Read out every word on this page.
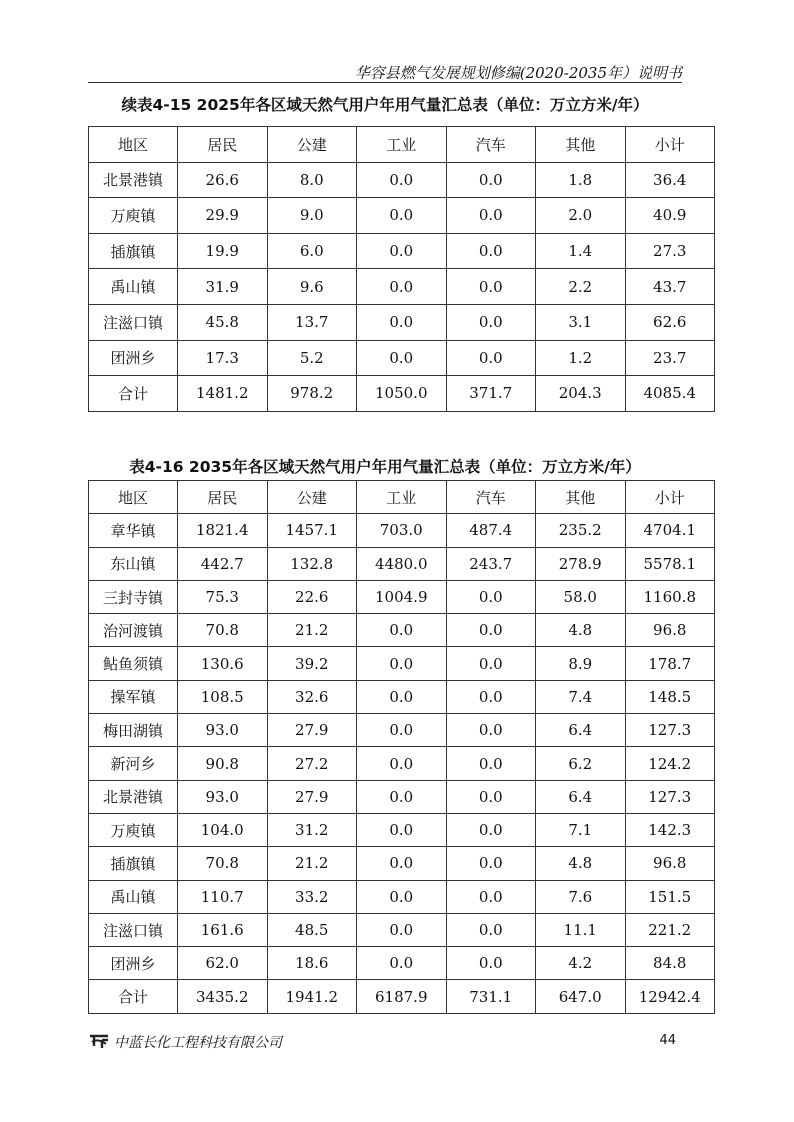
华容县燃气发展规划修编(2020-2035年）说明书
续表4-15 2025年各区域天然气用户年用气量汇总表（单位：万立方米/年）
地区	居民	公建	工业	汽车	其他	小计
北景港镇	26.6	8.0	0.0	0.0	1.8	36.4
万庾镇	29.9	9.0	0.0	0.0	2.0	40.9
插旗镇	19.9	6.0	0.0	0.0	1.4	27.3
禹山镇	31.9	9.6	0.0	0.0	2.2	43.7
注滋口镇	45.8	13.7	0.0	0.0	3.1	62.6
团洲乡	17.3	5.2	0.0	0.0	1.2	23.7
合计	1481.2	978.2	1050.0	371.7	204.3	4085.4
表4-16 2035年各区域天然气用户年用气量汇总表（单位：万立方米/年）
地区	居民	公建	工业	汽车	其他	小计
章华镇	1821.4	1457.1	703.0	487.4	235.2	4704.1
东山镇	442.7	132.8	4480.0	243.7	278.9	5578.1
三封寺镇	75.3	22.6	1004.9	0.0	58.0	1160.8
治河渡镇	70.8	21.2	0.0	0.0	4.8	96.8
鲇鱼须镇	130.6	39.2	0.0	0.0	8.9	178.7
操军镇	108.5	32.6	0.0	0.0	7.4	148.5
梅田湖镇	93.0	27.9	0.0	0.0	6.4	127.3
新河乡	90.8	27.2	0.0	0.0	6.2	124.2
北景港镇	93.0	27.9	0.0	0.0	6.4	127.3
万庾镇	104.0	31.2	0.0	0.0	7.1	142.3
插旗镇	70.8	21.2	0.0	0.0	4.8	96.8
禹山镇	110.7	33.2	0.0	0.0	7.6	151.5
注滋口镇	161.6	48.5	0.0	0.0	11.1	221.2
团洲乡	62.0	18.6	0.0	0.0	4.2	84.8
合计	3435.2	1941.2	6187.9	731.1	647.0	12942.4
中蓝长化工程科技有限公司	44
